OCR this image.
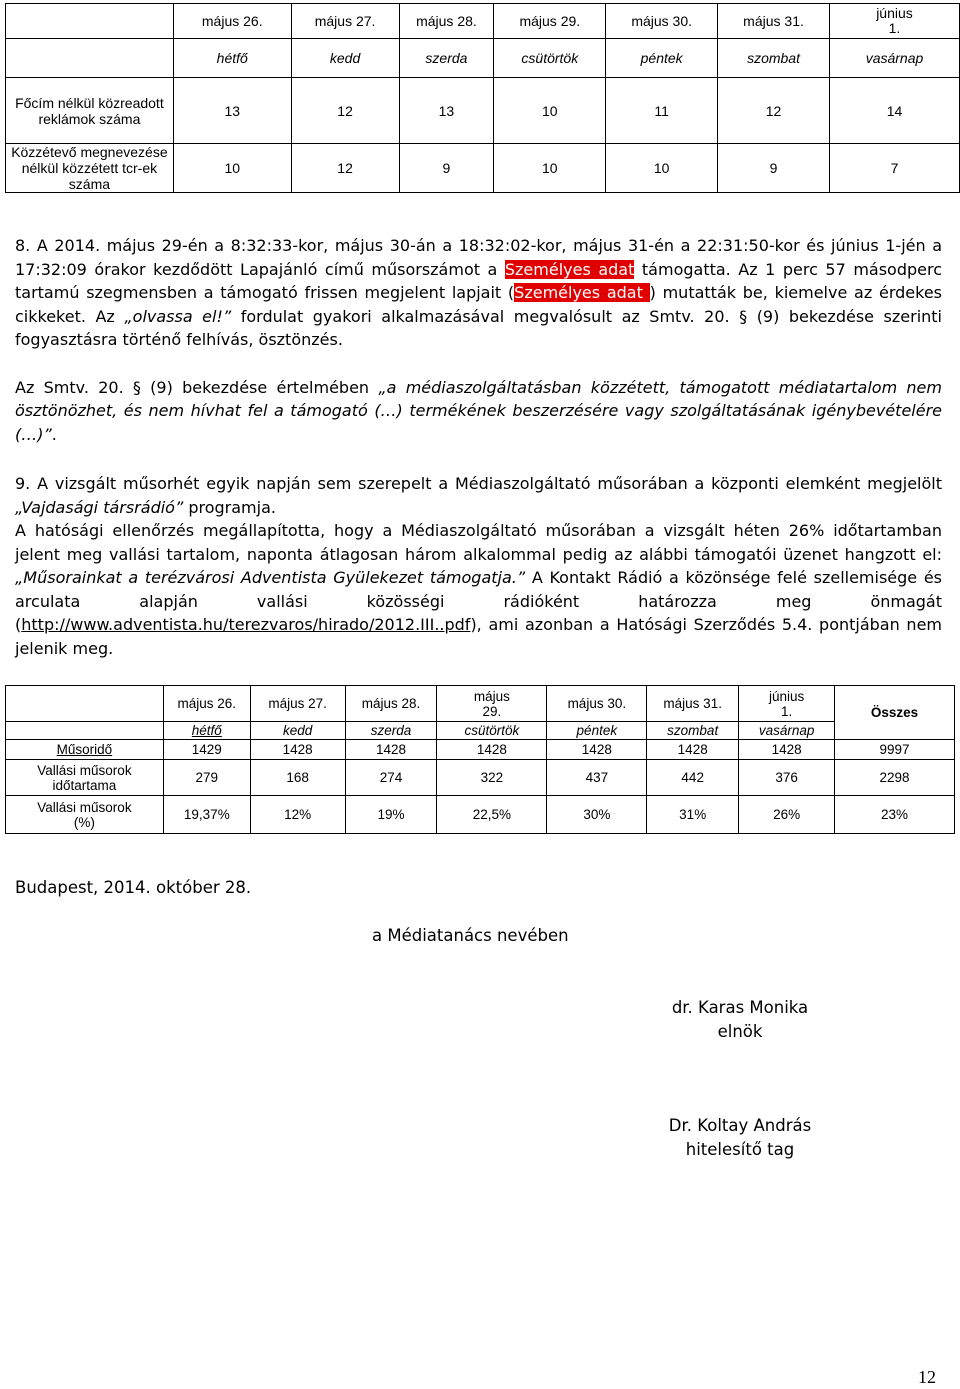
	május 26.	május 27.	május 28.	május 29.	május 30.	május 31.	június 1.
	hétfő	kedd	szerda	csütörtök	péntek	szombat	vasárnap
Főcím nélkül közreadott reklámok száma	13	12	13	10	11	12	14
Közzétevő megnevezése nélkül közzétett tcr-ek száma	10	12	9	10	10	9	7

8. A 2014. május 29-én a 8:32:33-kor, május 30-án a 18:32:02-kor, május 31-én a 22:31:50-kor és június 1-jén a 17:32:09 órakor kezdődött Lapajánló című műsorszámot a Személyes adat támogatta. Az 1 perc 57 másodperc tartamú szegmensben a támogató frissen megjelent lapjait (Személyes adat ) mutatták be, kiemelve az érdekes cikkeket. Az „olvassa el!” fordulat gyakori alkalmazásával megvalósult az Smtv. 20. § (9) bekezdése szerinti fogyasztásra történő felhívás, ösztönzés.

Az Smtv. 20. § (9) bekezdése értelmében „a médiaszolgáltatásban közzétett, támogatott médiatartalom nem ösztönözhet, és nem hívhat fel a támogató (…) termékének beszerzésére vagy szolgáltatásának igénybevételére (…)”.

9. A vizsgált műsorhét egyik napján sem szerepelt a Médiaszolgáltató műsorában a központi elemként megjelölt „Vajdasági társrádió” programja.

A hatósági ellenőrzés megállapította, hogy a Médiaszolgáltató műsorában a vizsgált héten 26% időtartamban jelent meg vallási tartalom, naponta átlagosan három alkalommal pedig az alábbi támogatói üzenet hangzott el: „Műsorainkat a terézvárosi Adventista Gyülekezet támogatja.” A Kontakt Rádió a közönsége felé szellemisége és arculata alapján vallási közösségi rádióként határozza meg önmagát (http://www.adventista.hu/terezvaros/hirado/2012.III..pdf), ami azonban a Hatósági Szerződés 5.4. pontjában nem jelenik meg.

	május 26.	május 27.	május 28.	május 29.	május 30.	május 31.	június 1.	Összes
	hétfő	kedd	szerda	csütörtök	péntek	szombat	vasárnap	
Műsoridő	1429	1428	1428	1428	1428	1428	1428	9997
Vallási műsorok időtartama	279	168	274	322	437	442	376	2298
Vallási műsorok (%)	19,37%	12%	19%	22,5%	30%	31%	26%	23%
Budapest, 2014. október 28.
a Médiatanács nevében
dr. Karas Monika
elnök
Dr. Koltay András
hitelesítő tag
12
